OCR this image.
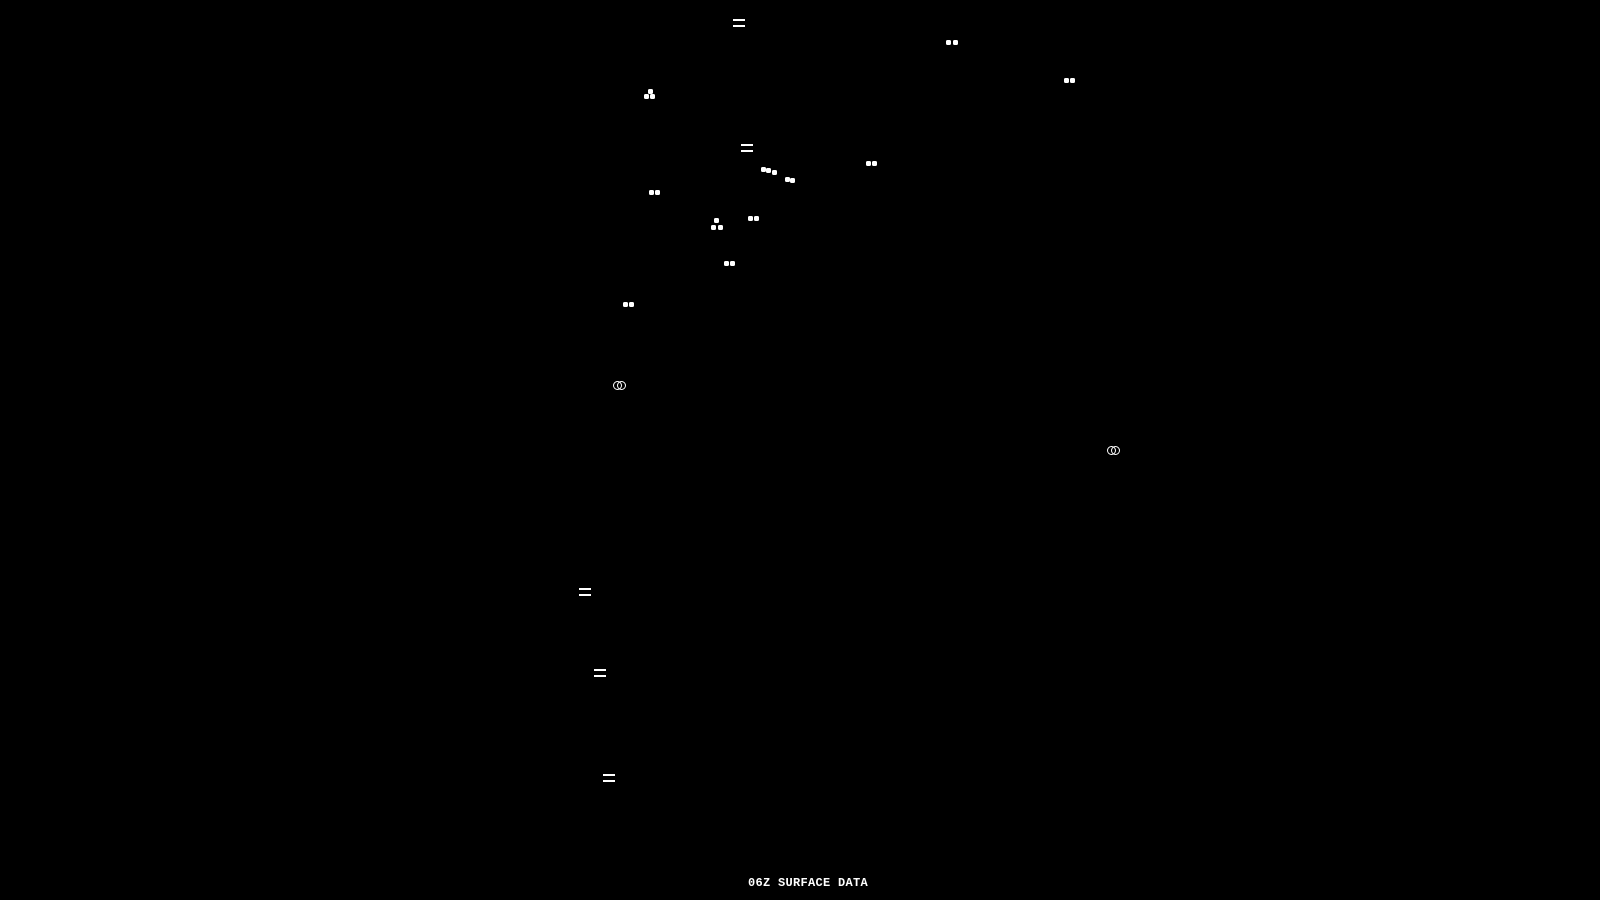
06Z SURFACE DATA
